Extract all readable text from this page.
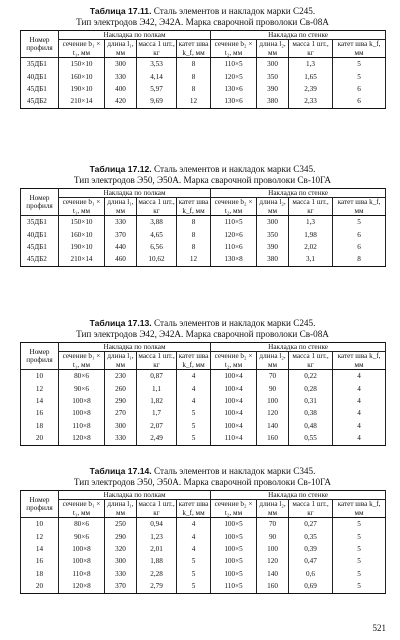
Таблица 17.11. Сталь элементов и накладок марки С245.
Тип электродов Э42, Э42А. Марка сварочной проволоки Св-08А
Номер профиля	Накладка по полкам				Накладка по стенке			
	сечение b₁ × t₁, мм	длина l₁, мм	масса 1 шт., кг	катет шва k_f, мм	сечение b₂ × t₂, мм	длина l₂, мм	масса 1 шт., кг	катет шва k_f, мм
35ДБ1	150×10	300	3,53	8	110×5	300	1,3	5
40ДБ1	160×10	330	4,14	8	120×5	350	1,65	5
45ДБ1	190×10	400	5,97	8	130×6	390	2,39	6
45ДБ2	210×14	420	9,69	12	130×6	380	2,33	6
Таблица 17.12. Сталь элементов и накладок марки С345.
Тип электродов Э50, Э50А. Марка сварочной проволоки Св-10ГА
Номер профиля	Накладка по полкам				Накладка по стенке			
	сечение b₁ × t₁, мм	длина l₁, мм	масса 1 шт., кг	катет шва k_f, мм	сечение b₂ × t₂, мм	длина l₂, мм	масса 1 шт., кг	катет шва k_f, мм
35ДБ1	150×10	330	3,88	8	110×5	300	1,3	5
40ДБ1	160×10	370	4,65	8	120×6	350	1,98	6
45ДБ1	190×10	440	6,56	8	110×6	390	2,02	6
45ДБ2	210×14	460	10,62	12	130×8	380	3,1	8
Таблица 17.13. Сталь элементов и накладок марки С245.
Тип электродов Э42, Э42А. Марка сварочной проволоки Св-08А
Номер профиля	Накладка по полкам				Накладка по стенке			
	сечение b₁ × t₁, мм	длина l₁, мм	масса 1 шт., кг	катет шва k_f, мм	сечение b₂ × t₂, мм	длина l₂, мм	масса 1 шт., кг	катет шва k_f, мм
10	80×6	230	0,87	4	100×4	70	0,22	4
12	90×6	260	1,1	4	100×4	90	0,28	4
14	100×8	290	1,82	4	100×4	100	0,31	4
16	100×8	270	1,7	5	100×4	120	0,38	4
18	110×8	300	2,07	5	100×4	140	0,48	4
20	120×8	330	2,49	5	110×4	160	0,55	4
Таблица 17.14. Сталь элементов и накладок марки С345.
Тип электродов Э50, Э50А. Марка сварочной проволоки Св-10ГА
Номер профиля	Накладка по полкам				Накладка по стенке			
	сечение b₁ × t₁, мм	длина l₁, мм	масса 1 шт., кг	катет шва k_f, мм	сечение b₂ × t₂, мм	длина l₂, мм	масса 1 шт., кг	катет шва k_f, мм
10	80×6	250	0,94	4	100×5	70	0,27	5
12	90×6	290	1,23	4	100×5	90	0,35	5
14	100×8	320	2,01	4	100×5	100	0,39	5
16	100×8	300	1,88	5	100×5	120	0,47	5
18	110×8	330	2,28	5	100×5	140	0,6	5
20	120×8	370	2,79	5	110×5	160	0,69	5
521
